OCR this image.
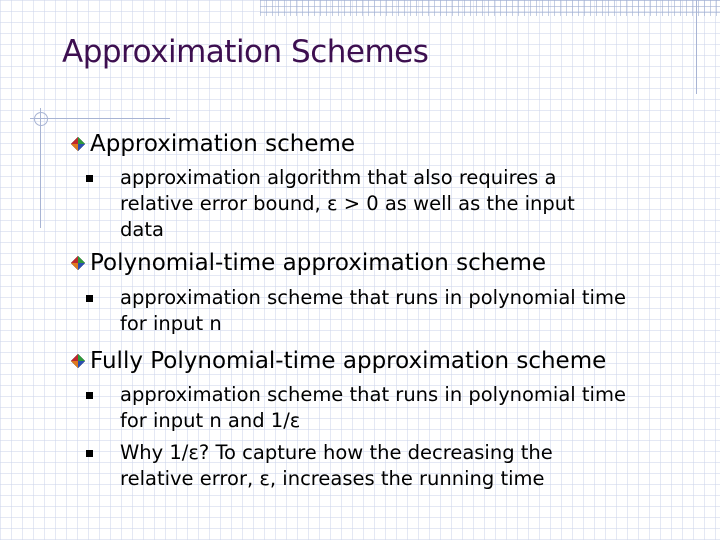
Approximation Schemes
Approximation scheme
approximation algorithm that also requires a
relative error bound, ε > 0 as well as the input
data
Polynomial-time approximation scheme
approximation scheme that runs in polynomial time
for input n
Fully Polynomial-time approximation scheme
approximation scheme that runs in polynomial time
for input n and 1/ε
Why 1/ε? To capture how the decreasing the
relative error, ε, increases the running time
